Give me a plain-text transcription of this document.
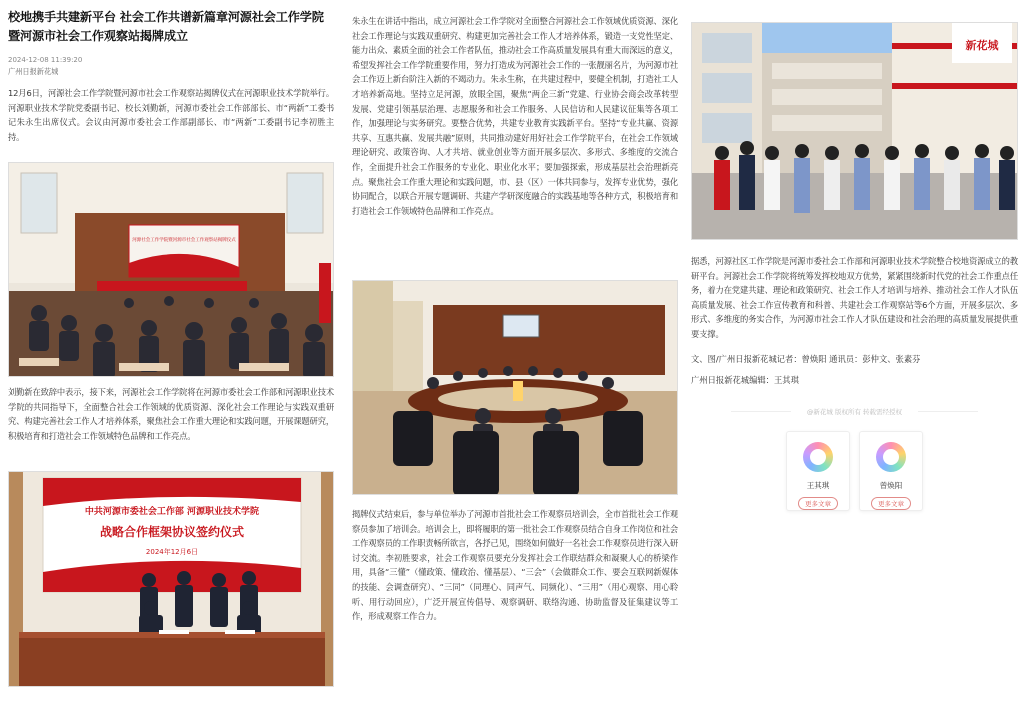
校地携手共建新平台 社会工作共谱新篇章河源社会工作学院暨河源市社会工作观察站揭牌成立
2024-12-08 11:39:20
广州日报新花城

12月6日，河源社会工作学院暨河源市社会工作观察站揭牌仪式在河源职业技术学院举行。河源职业技术学院党委副书记、校长刘勤新，河源市委社会工作部部长、市“两新”工委书记朱永生出席仪式。会议由河源市委社会工作部副部长、市“两新”工委副书记李初胜主持。

河源社会工作学院暨河源市社会工作观察站揭牌仪式

刘勤新在致辞中表示，接下来，河源社会工作学院将在河源市委社会工作部和河源职业技术学院的共同指导下，全面整合社会工作领域的优质资源、深化社会工作理论与实践双重研究、构建完善社会工作人才培养体系，聚焦社会工作重大理论和实践问题，开展课题研究，积极培育和打造社会工作领域特色品牌和工作亮点。

中共河源市委社会工作部 河源职业技术学院
战略合作框架协议签约仪式
2024年12月6日

朱永生在讲话中指出，成立河源社会工作学院对全面整合河源社会工作领域优质资源、深化社会工作理论与实践双重研究、构建更加完善社会工作人才培养体系，锻造一支党性坚定、能力出众、素质全面的社会工作者队伍，推动社会工作高质量发展具有重大而深远的意义，希望发挥社会工作学院重要作用，努力打造成为河源社会工作的一张靓丽名片，为河源市社会工作迈上新台阶注入新的不竭动力。朱永生称，在共建过程中，要健全机制，打造社工人才培养新高地。坚持立足河源，放眼全国，聚焦“两企三新”党建、行业协会商会改革转型发展、党建引领基层治理、志愿服务和社会工作服务、人民信访和人民建议征集等各项工作，加强理论与实务研究。要整合优势，共建专业教育实践新平台。坚持“专业共赢、资源共享、互惠共赢、发展共融”原则，共同推动建好用好社会工作学院平台，在社会工作领域理论研究、政策咨询、人才共培、就业创业等方面开展多层次、多形式、多维度的交流合作，全面提升社会工作服务的专业化、职业化水平；要加强探索，形成基层社会治理新亮点。聚焦社会工作重大理论和实践问题，市、县（区）一体共同参与，发挥专业优势，强化协同配合，以联合开展专题调研、共建产学研深度融合的实践基地等各种方式，积极培育和打造社会工作领域特色品牌和工作亮点。

揭牌仪式结束后，参与单位举办了河源市首批社会工作观察员培训会，全市首批社会工作观察员参加了培训会。培训会上，即将履职的第一批社会工作观察员结合自身工作岗位和社会工作观察员的工作职责畅所欲言，各抒己见，围绕如何做好一名社会工作观察员进行深入研讨交流。李初胜要求，社会工作观察员要充分发挥社会工作联结群众和凝聚人心的桥梁作用，具备“三懂”（懂政策、懂政治、懂基层）、“三会”（会做群众工作、要会互联网新媒体的技能、会调查研究）、“三同”（同理心、同声气、同频化）、“三用”（用心观察、用心聆听、用行动回应），广泛开展宣传倡导、观察调研、联络沟通、协助监督及征集建议等工作，形成观察工作合力。

新花城

据悉，河源社区工作学院是河源市委社会工作部和河源职业技术学院整合校地资源成立的教研平台。河源社会工作学院将统筹发挥校地双方优势，紧紧围绕新时代党的社会工作重点任务，着力在党建共建、理论和政策研究、社会工作人才培训与培养、推动社会工作人才队伍高质量发展、社会工作宣传教育和科普、共建社会工作观察站等6个方面，开展多层次、多形式、多维度的务实合作，为河源市社会工作人才队伍建设和社会治理的高质量发展提供重要支撑。

文、图/广州日报新花城记者：曾焕阳 通讯员：彭仲文、张素芬

广州日报新花城编辑：王其琪

@新花城 版权所有 转载需经授权
王其琪
更多文章
曾焕阳
更多文章
